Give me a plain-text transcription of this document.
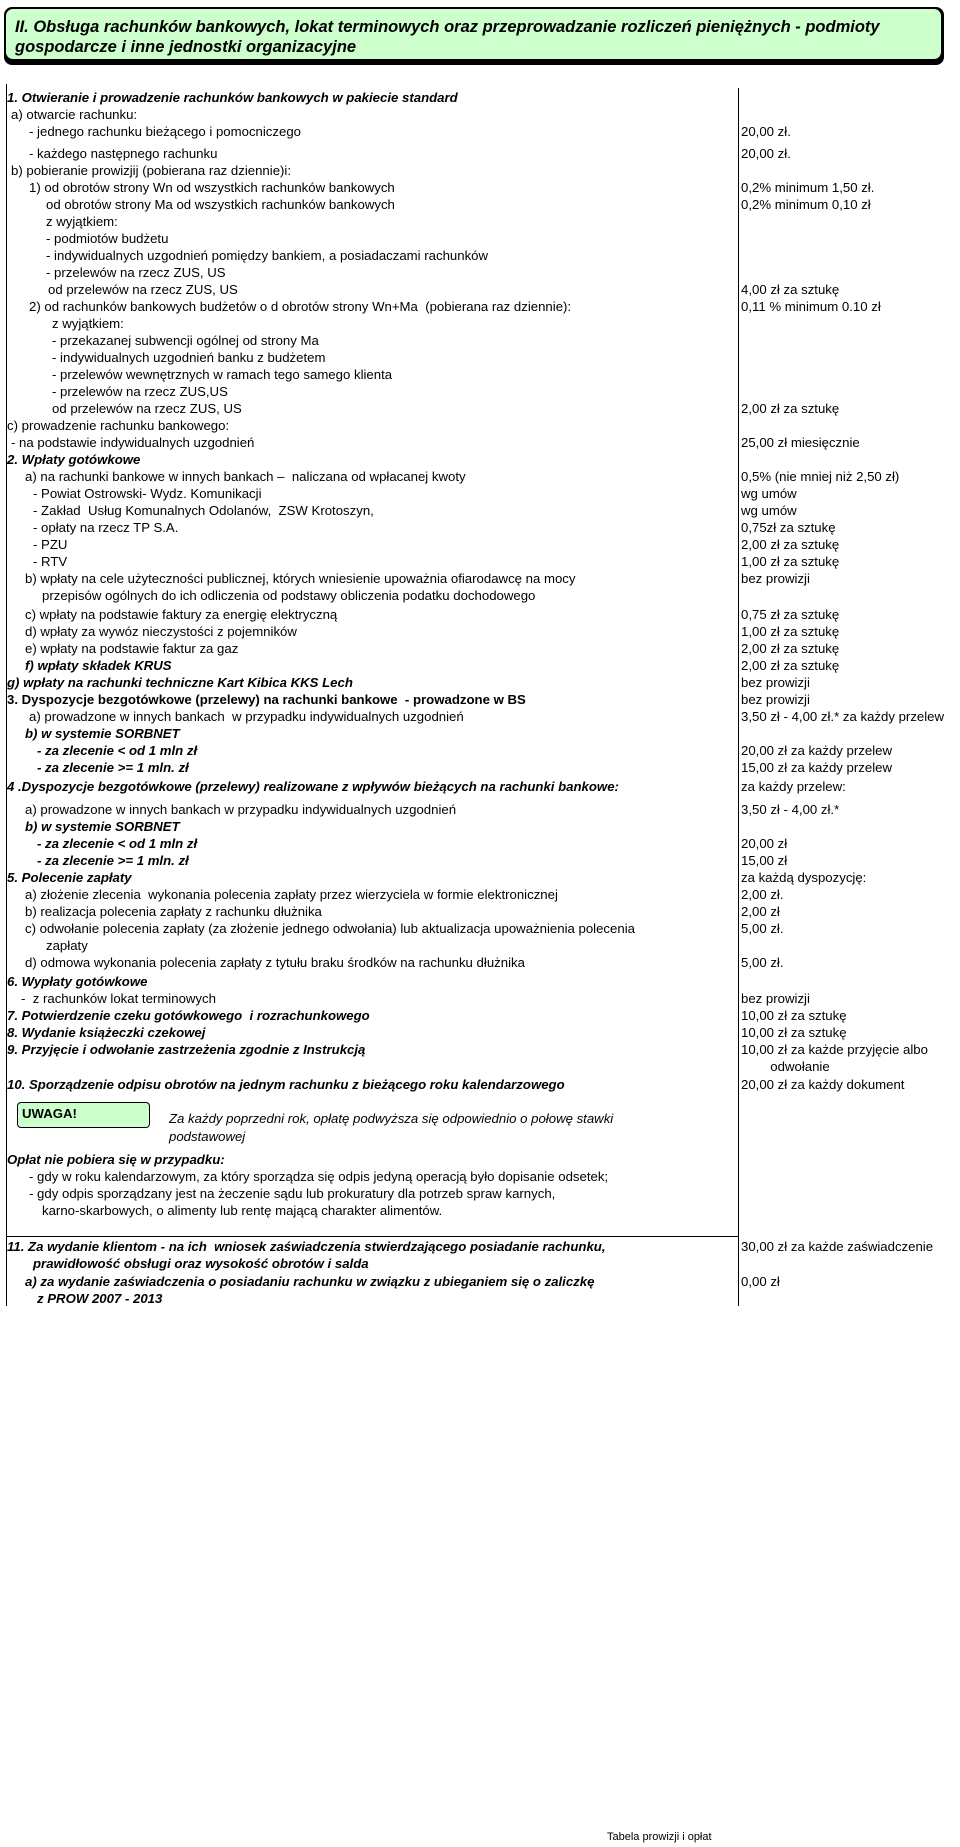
II. Obsługa rachunków bankowych, lokat terminowych oraz przeprowadzanie rozliczeń pieniężnych - podmioty gospodarcze i inne jednostki organizacyjne
1. Otwieranie i prowadzenie rachunków bankowych w pakiecie standard
a) otwarcie rachunku:
- jednego rachunku bieżącego i pomocniczego	20,00 zł.
- każdego następnego rachunku	20,00 zł.
b) pobieranie prowizjij (pobierana raz dziennie)i:
1) od obrotów strony Wn od wszystkich rachunków bankowych	0,2% minimum 1,50 zł.
od obrotów strony Ma od wszystkich rachunków bankowych	0,2% minimum 0,10 zł
z wyjątkiem:
- podmiotów budżetu
- indywidualnych uzgodnień pomiędzy bankiem, a posiadaczami rachunków
- przelewów na rzecz ZUS, US
od przelewów na rzecz ZUS, US	4,00 zł za sztukę
2) od rachunków bankowych budżetów o d obrotów strony Wn+Ma  (pobierana raz dziennie):	0,11 % minimum 0.10 zł
z wyjątkiem:
- przekazanej subwencji ogólnej od strony Ma
- indywidualnych uzgodnień banku z budżetem
- przelewów wewnętrznych w ramach tego samego klienta
- przelewów na rzecz ZUS,US
od przelewów na rzecz ZUS, US	2,00 zł za sztukę
c) prowadzenie rachunku bankowego:
- na podstawie indywidualnych uzgodnień	25,00 zł miesięcznie
2. Wpłaty gotówkowe
a) na rachunki bankowe w innych bankach –  naliczana od wpłacanej kwoty	0,5% (nie mniej niż 2,50 zł)
- Powiat Ostrowski- Wydz. Komunikacji	wg umów
- Zakład  Usług Komunalnych Odolanów,  ZSW Krotoszyn,	wg umów
- opłaty na rzecz TP S.A.	0,75zł za sztukę
- PZU	2,00 zł za sztukę
- RTV	1,00 zł za sztukę
b) wpłaty na cele użyteczności publicznej, których wniesienie upoważnia ofiarodawcę na mocy	bez prowizji
przepisów ogólnych do ich odliczenia od podstawy obliczenia podatku dochodowego
c) wpłaty na podstawie faktury za energię elektryczną	0,75 zł za sztukę
d) wpłaty za wywóz nieczystości z pojemników	1,00 zł za sztukę
e) wpłaty na podstawie faktur za gaz	2,00 zł za sztukę
f) wpłaty składek KRUS	2,00 zł za sztukę
g) wpłaty na rachunki techniczne Kart Kibica KKS Lech	bez prowizji
3. Dyspozycje bezgotówkowe (przelewy) na rachunki bankowe  - prowadzone w BS	bez prowizji
a) prowadzone w innych bankach  w przypadku indywidualnych uzgodnień	3,50 zł - 4,00 zł.* za każdy przelew
b) w systemie SORBNET
- za zlecenie < od 1 mln zł	20,00 zł za każdy przelew
- za zlecenie >= 1 mln. zł	15,00 zł za każdy przelew
4 .Dyspozycje bezgotówkowe (przelewy) realizowane z wpływów bieżących na rachunki bankowe:	za każdy przelew:
a) prowadzone w innych bankach w przypadku indywidualnych uzgodnień	3,50 zł - 4,00 zł.*
b) w systemie SORBNET
- za zlecenie < od 1 mln zł	20,00 zł
- za zlecenie >= 1 mln. zł	15,00 zł
5. Polecenie zapłaty	za każdą dyspozycję:
a) złożenie zlecenia  wykonania polecenia zapłaty przez wierzyciela w formie elektronicznej	2,00 zł.
b) realizacja polecenia zapłaty z rachunku dłużnika	2,00 zł
c) odwołanie polecenia zapłaty (za złożenie jednego odwołania) lub aktualizacja upoważnienia polecenia	5,00 zł.
zapłaty
d) odmowa wykonania polecenia zapłaty z tytułu braku środków na rachunku dłużnika	5,00 zł.
6. Wypłaty gotówkowe
-  z rachunków lokat terminowych	bez prowizji
7. Potwierdzenie czeku gotówkowego  i rozrachunkowego	10,00 zł za sztukę
8. Wydanie książeczki czekowej	10,00 zł za sztukę
9. Przyjęcie i odwołanie zastrzeżenia zgodnie z Instrukcją	10,00 zł za każde przyjęcie albo
odwołanie
10. Sporządzenie odpisu obrotów na jednym rachunku z bieżącego roku kalendarzowego	20,00 zł za każdy dokument
Opłat nie pobiera się w przypadku:
- gdy w roku kalendarzowym, za który sporządza się odpis jedyną operacją było dopisanie odsetek;
- gdy odpis sporządzany jest na żeczenie sądu lub prokuratury dla potrzeb spraw karnych,
karno-skarbowych, o alimenty lub rentę mającą charakter alimentów.
11. Za wydanie klientom - na ich  wniosek zaświadczenia stwierdzającego posiadanie rachunku,	30,00 zł za każde zaświadczenie
prawidłowość obsługi oraz wysokość obrotów i salda
a) za wydanie zaświadczenia o posiadaniu rachunku w związku z ubieganiem się o zaliczkę	0,00 zł
z PROW 2007 - 2013
UWAGA!	Za każdy poprzedni rok, opłatę podwyższa się odpowiednio o połowę stawki podstawowej
Tabela prowizji i opłat
